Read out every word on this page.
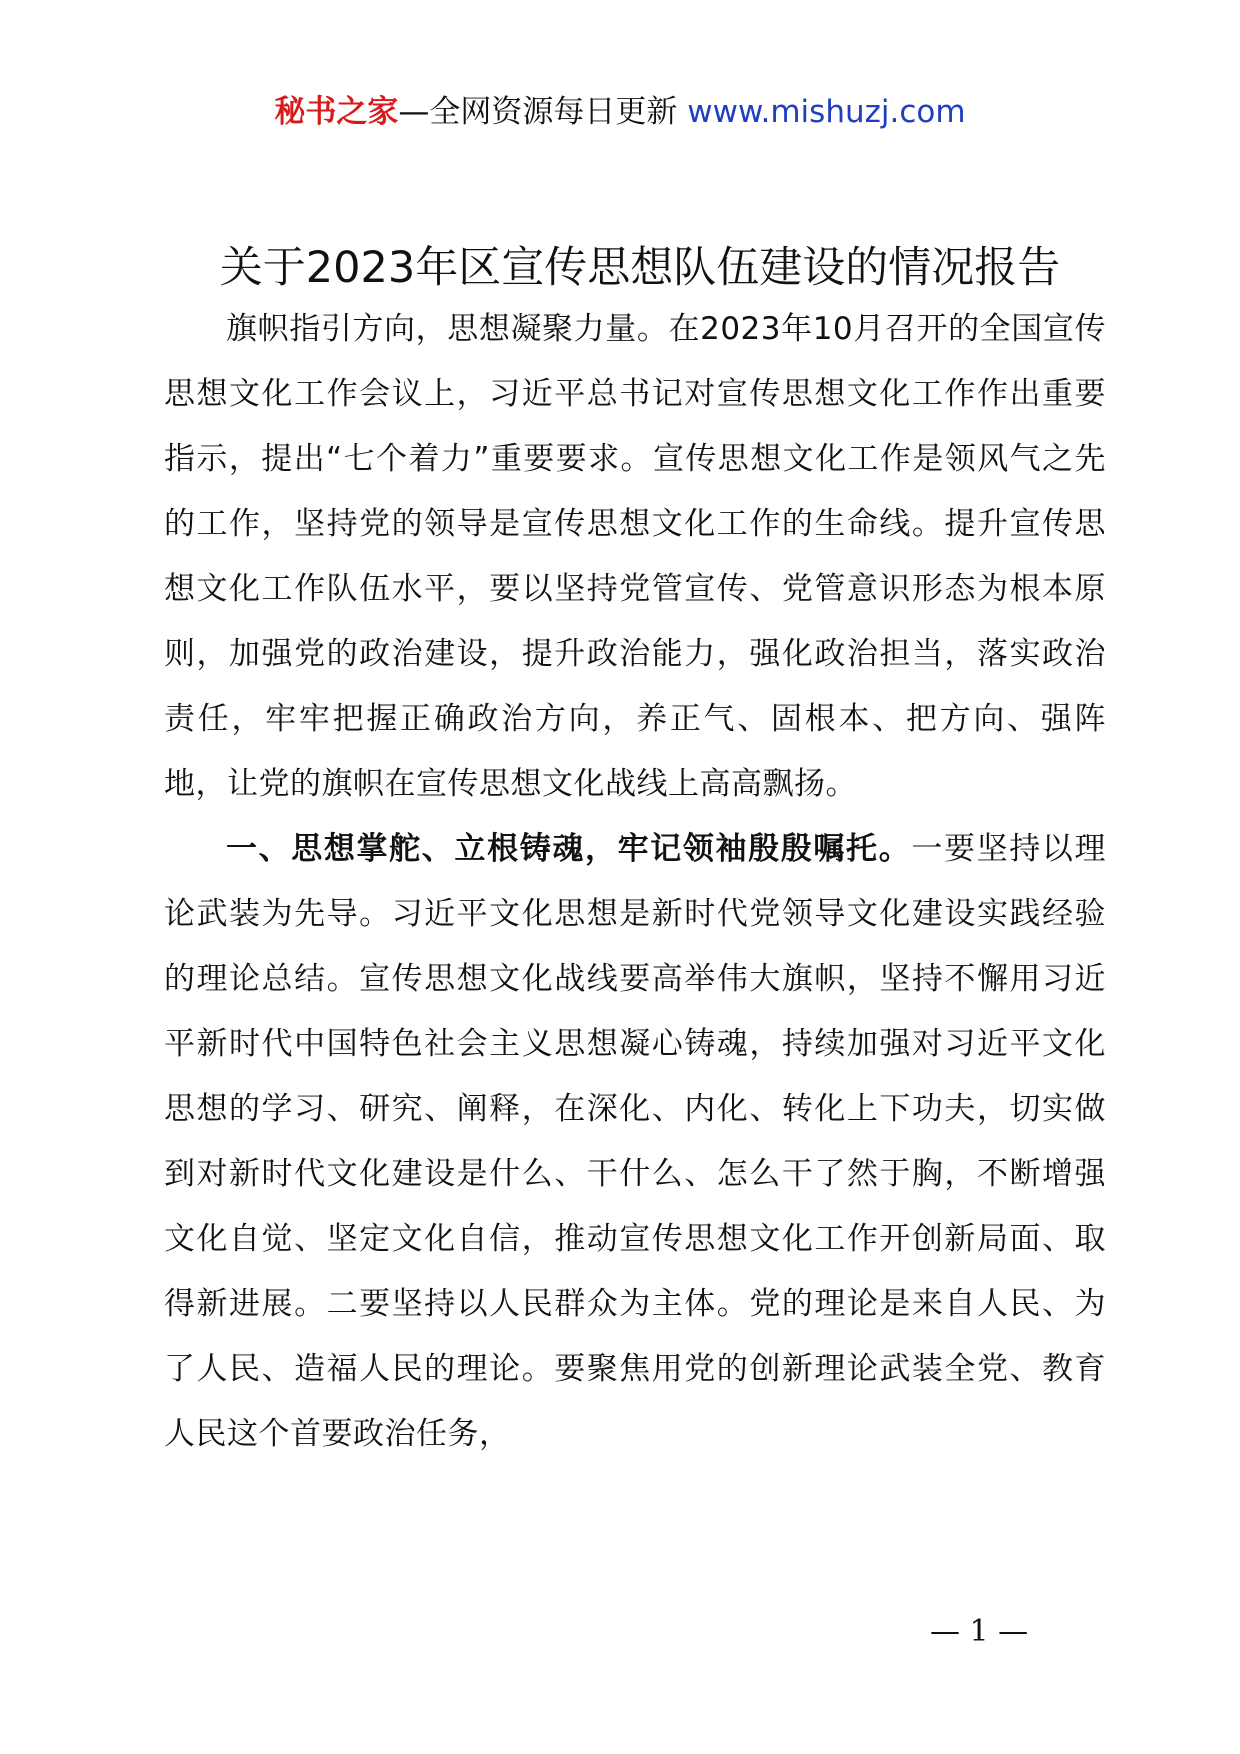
秘书之家—全网资源每日更新 www.mishuzj.com
关于2023年区宣传思想队伍建设的情况报告

旗帜指引方向，思想凝聚力量。在2023年10月召开的全国宣传思想文化工作会议上，习近平总书记对宣传思想文化工作作出重要指示，提出“七个着力”重要要求。宣传思想文化工作是领风气之先的工作，坚持党的领导是宣传思想文化工作的生命线。提升宣传思想文化工作队伍水平，要以坚持党管宣传、党管意识形态为根本原则，加强党的政治建设，提升政治能力，强化政治担当，落实政治责任，牢牢把握正确政治方向，养正气、固根本、把方向、强阵地，让党的旗帜在宣传思想文化战线上高高飘扬。

一、思想掌舵、立根铸魂，牢记领袖殷殷嘱托。一要坚持以理论武装为先导。习近平文化思想是新时代党领导文化建设实践经验的理论总结。宣传思想文化战线要高举伟大旗帜，坚持不懈用习近平新时代中国特色社会主义思想凝心铸魂，持续加强对习近平文化思想的学习、研究、阐释，在深化、内化、转化上下功夫，切实做到对新时代文化建设是什么、干什么、怎么干了然于胸，不断增强文化自觉、坚定文化自信，推动宣传思想文化工作开创新局面、取得新进展。二要坚持以人民群众为主体。党的理论是来自人民、为了人民、造福人民的理论。要聚焦用党的创新理论武装全党、教育人民这个首要政治任务，

— 1 —
